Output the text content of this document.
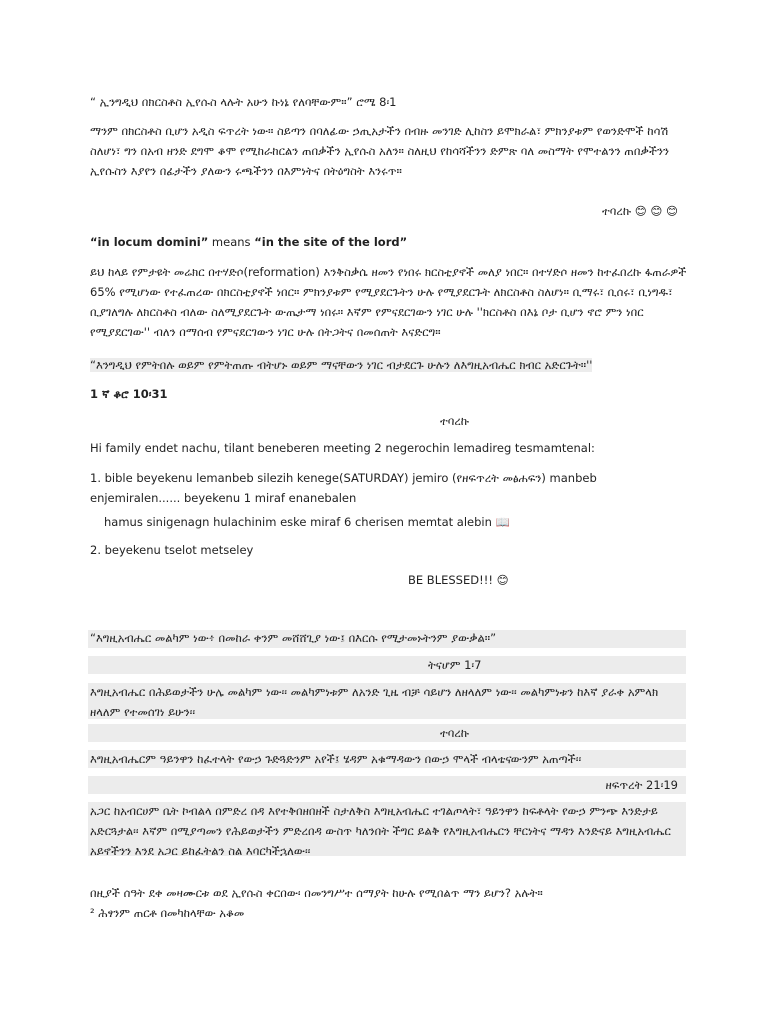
“ ኢንግዲህ በክርስቶስ ኢየሱስ ላሉት አሁን ኩነኔ የለባቸውም።” ሮሜ 8፡1

ማንም በክርስቶስ ቢሆን አዲስ ፍጥረት ነው። ስይጣን በባለፊው ኃጢአታችን በብዙ መንገድ ሊከስን ይሞክራል፣ ምክንያቱም የወንድሞች ከሳሽ ስለሆነ፣ ግን በአብ ዘንድ ደግሞ ቆሞ የሚከራከርልን ጠበቃችን ኢየሱስ አለን። ስለዚህ የከሳሻችንን ድምጽ ባለ መስማት የሞተልንን ጠበቃችንን ኢየሱስን እያየን በፊታችን ያለውን ሩጫችንን በእምነትና በትዕግስት እንሩጥ።

ተባረኩ 😊 😊 😊

“in locum domini” means “in the site of the lord”

ይህ ከላይ የምታዩት መሬክር በተሃድሶ(reformation) እንቅስቃሴ ዘመን የነበሩ ክርስቲያኖች መለያ ነበር። በተሃድሶ ዘመን ከተፈበረኩ ፋጠራዎች 65% የሚሆነው የተፈጠረው በክርስቲያኖች ነበር። ምክንያቱም የሚያደርጉትን ሁሉ የሚያደርጉት ለክርስቶስ ስለሆነ። ቢማሩ፣ ቢሰሩ፣ ቢነግዱ፣ ቢያገለግሉ ለክርስቶስ ብለው ስለሚያደርጉት ውጤታማ ነበሩ። እኛም የምናደርገውን ነገር ሁሉ ''ክርስቶስ በእኔ ቦታ ቢሆን ኖሮ ምን ነበር የሚያደርገው'' ብለን በማሰብ የምናደርገውን ነገር ሁሉ በትጋትና በመሰጠት እናድርግ።

“እንግዲህ የምትበሉ ወይም የምትጠጡ ብትሆኑ ወይም ማናቸውን ነገር ብታደርጉ ሁሉን ለእግዚአብሔር ክብር አድርጉት።''

1 ኛ ቆሮ 10፡31

ተባረኩ

Hi family endet nachu, tilant beneberen meeting 2 negerochin lemadireg tesmamtenal:

1. bible beyekenu lemanbeb silezih kenege(SATURDAY) jemiro (የዘፍጥረት መፅሐፍን) manbeb enjemiralen...... beyekenu 1 miraf enanebalen

hamus sinigenagn hulachinim eske miraf 6 cherisen memtat alebin 📖

2. beyekenu tselot metseley

BE BLESSED!!! 😊

“እግዚአብሔር መልካም ነው፥ በመከራ ቀንም መሸሸጊያ ነው፤ በእርሱ የሚታመኑትንም ያውቃል።”

ትናሆም 1፡7

እግዚአብሔር በሕይወታችን ሁሌ መልካም ነው፡፡ መልካምነቱም ለአንድ ጊዜ ብቻ ሳይሆን ለዘላለም ነው፡፡ መልካምነቱን ከእኛ ያራቀ አምላክ ዘላለም የተመሰገነ ይሁን፡፡

ተባረኩ

እግዚአብሔርም ዓይንዋን ከፈተላት የውኃ ጉድጓድንም አየች፤ ሄዳም አቁማዳውን በውኃ ሞላች ብላቴናውንም አጠጣች፡፡

ዘፍጥረት 21፡19

አጋር ከአብርሀም ቤት ኮብልላ በምድረ በዳ እየተቅበዘበዘች ስታለቅስ እግዚአብሔር ተገልጦላት፣ ዓይንዋን ከፍቶላት የውኃ ምንጭ እንድታይ አድርጓታል፡፡ እኛም በሚያጣመን የሕይወታችን ምድረበዳ ውስጥ ካለንበት ችግር ይልቅ የእግዚአብሔርን ቸርነትና ማዳን እንድናይ እግዚአብሔር አይኖችንን እንደ አጋር ይከፈትልን ስል እባርካችኋለው፡፡

በዚያች ሰዓት ደቀ መዛሙርቱ ወደ ኢየሱስ ቀርበው፡ በመንግሥተ ሰማያት ከሁሉ የሚበልጥ ማን ይሆን? አሉት።

² ሕፃንም ጠርቶ በመካከላቸው አቆመ
